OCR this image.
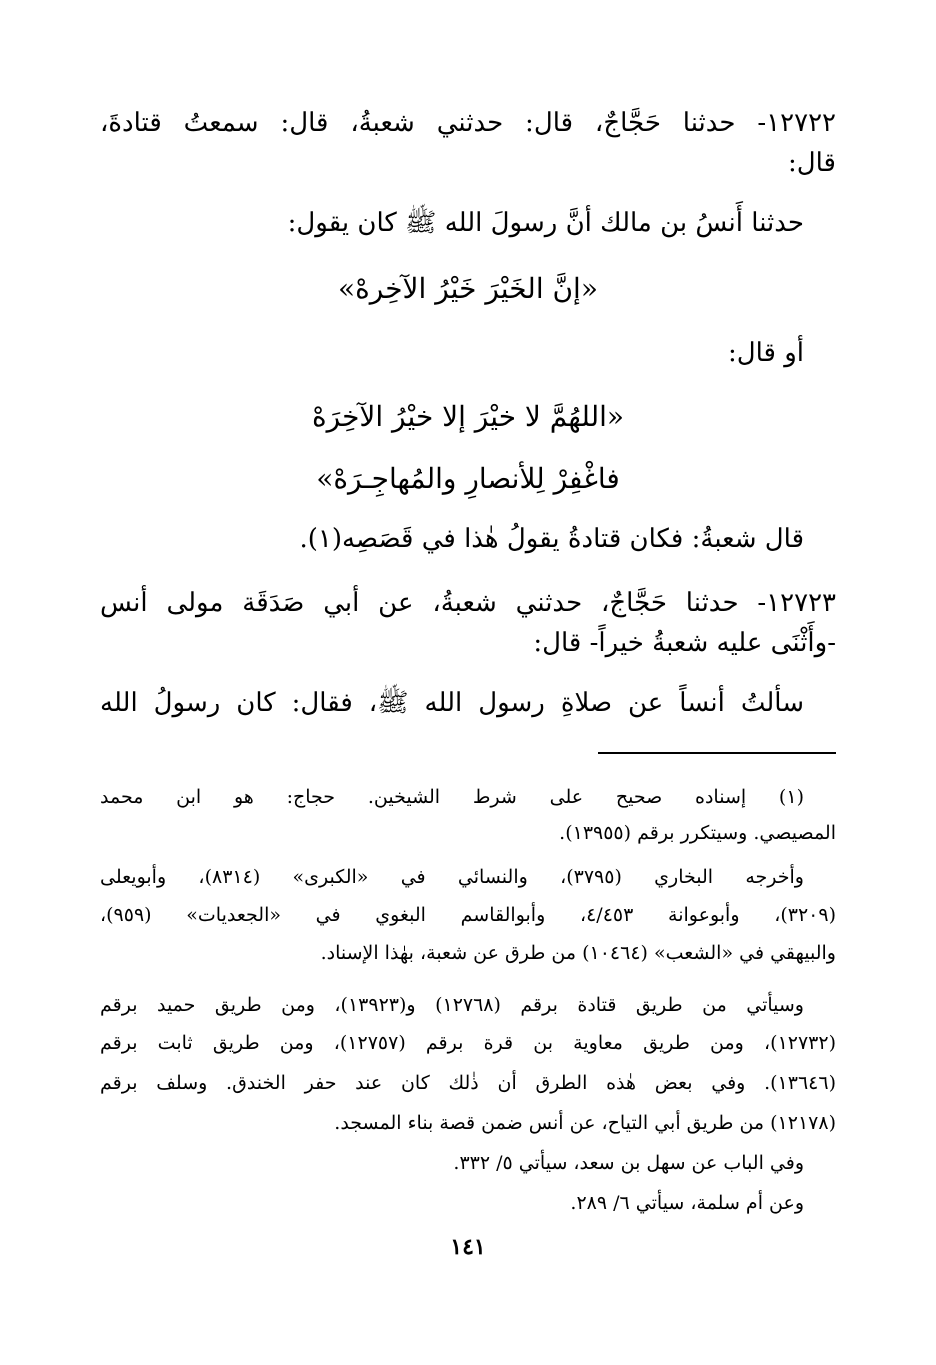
١٢٧٢٢- حدثنا حَجَّاجٌ، قال: حدثني شعبةُ، قال: سمعتُ قتادةَ،
قال:
حدثنا أَنسُ بن مالك أنَّ رسولَ الله ﷺ كان يقول:
«إنَّ الخَيْرَ خَيْرُ الآخِرهْ»
أو قال:
«اللهُمَّ لا خيْرَ إلا خيْرُ الآخِرَهْ
فاغْفِرْ لِلأنصارِ والمُهاجِـرَهْ»
قال شعبةُ: فكان قتادةُ يقولُ هٰذا في قَصَصِه(١).
١٢٧٢٣- حدثنا حَجَّاجٌ، حدثني شعبةُ، عن أبي صَدَقَة مولى أنس
-وأَثْنَى عليه شعبةُ خيراً- قال:
سألتُ أنساً عن صلاةِ رسول الله ﷺ، فقال: كان رسولُ الله
(١) إسناده صحيح على شرط الشيخين. حجاج: هو ابن محمد
المصيصي. وسيتكرر برقم (١٣٩٥٥).
وأخرجه البخاري (٣٧٩٥)، والنسائي في «الكبرى» (٨٣١٤)، وأبويعلى
(٣٢٠٩)، وأبوعوانة ٤/٤٥٣، وأبوالقاسم البغوي في «الجعديات» (٩٥٩)،
والبيهقي في «الشعب» (١٠٤٦٤) من طرق عن شعبة، بهٰذا الإسناد.
وسيأتي من طريق قتادة برقم (١٢٧٦٨) و(١٣٩٢٣)، ومن طريق حميد برقم
(١٢٧٣٢)، ومن طريق معاوية بن قرة برقم (١٢٧٥٧)، ومن طريق ثابت برقم
(١٣٦٤٦). وفي بعض هٰذه الطرق أن ذٰلك كان عند حفر الخندق. وسلف برقم
(١٢١٧٨) من طريق أبي التياح، عن أنس ضمن قصة بناء المسجد.
وفي الباب عن سهل بن سعد، سيأتي ٥/ ٣٣٢.
وعن أم سلمة، سيأتي ٦/ ٢٨٩.
١٤١
